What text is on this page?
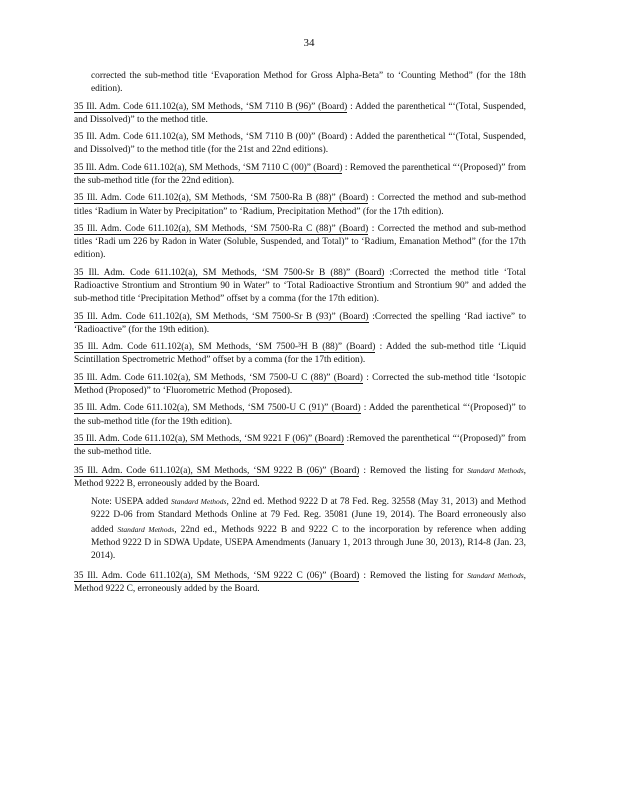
34

corrected the sub-method title ‘Evaporation Method for Gross Alpha-Beta” to ‘Counting Method” (for the 18th edition).

35 Ill. Adm. Code 611.102(a), SM Methods, ‘SM 7110 B (96)” (Board) : Added the parenthetical “‘(Total, Suspended, and Dissolved)” to the method title.

35 Ill. Adm. Code 611.102(a), SM Methods, ‘SM 7110 B (00)” (Board) : Added the parenthetical “‘(Total, Suspended, and Dissolved)” to the method title (for the 21st and 22nd editions).

35 Ill. Adm. Code 611.102(a), SM Methods, ‘SM 7110 C (00)” (Board) : Removed the parenthetical “‘(Proposed)” from the sub-method title (for the 22nd edition).

35 Ill. Adm. Code 611.102(a), SM Methods, ‘SM 7500-Ra B (88)” (Board) : Corrected the method and sub-method titles ‘Radium in Water by Precipitation” to ‘Radium, Precipitation Method” (for the 17th edition).

35 Ill. Adm. Code 611.102(a), SM Methods, ‘SM 7500-Ra C (88)” (Board) : Corrected the method and sub-method titles ‘Radi um 226 by Radon in Water (Soluble, Suspended, and Total)” to ‘Radium, Emanation Method” (for the 17th edition).

35 Ill. Adm. Code 611.102(a), SM Methods, ‘SM 7500-Sr B (88)” (Board) :Corrected the method title ‘Total Radioactive Strontium and Strontium 90 in Water” to ‘Total Radioactive Strontium and Strontium 90” and added the sub-method title ‘Precipitation Method” offset by a comma (for the 17th edition).

35 Ill. Adm. Code 611.102(a), SM Methods, ‘SM 7500-Sr B (93)” (Board) :Corrected the spelling ‘Rad iactive” to ‘Radioactive” (for the 19th edition).

35 Ill. Adm. Code 611.102(a), SM Methods, ‘SM 7500-³H B (88)” (Board) : Added the sub-method title ‘Liquid Scintillation Spectrometric Method” offset by a comma (for the 17th edition).

35 Ill. Adm. Code 611.102(a), SM Methods, ‘SM 7500-U C (88)” (Board) : Corrected the sub-method title ‘Isotopic Method (Proposed)” to ‘Fluorometric Method (Proposed).

35 Ill. Adm. Code 611.102(a), SM Methods, ‘SM 7500-U C (91)” (Board) : Added the parenthetical “‘(Proposed)” to the sub-method title (for the 19th edition).

35 Ill. Adm. Code 611.102(a), SM Methods, ‘SM 9221 F (06)” (Board) :Removed the parenthetical “‘(Proposed)” from the sub-method title.

35 Ill. Adm. Code 611.102(a), SM Methods, ‘SM 9222 B (06)” (Board) : Removed the listing for Standard Methods, Method 9222 B, erroneously added by the Board.

Note: USEPA added Standard Methods, 22nd ed. Method 9222 D at 78 Fed. Reg. 32558 (May 31, 2013) and Method 9222 D-06 from Standard Methods Online at 79 Fed. Reg. 35081 (June 19, 2014). The Board erroneously also added Standard Methods, 22nd ed., Methods 9222 B and 9222 C to the incorporation by reference when adding Method 9222 D in SDWA Update, USEPA Amendments (January 1, 2013 through June 30, 2013), R14-8 (Jan. 23, 2014).

35 Ill. Adm. Code 611.102(a), SM Methods, ‘SM 9222 C (06)” (Board) : Removed the listing for Standard Methods, Method 9222 C, erroneously added by the Board.
